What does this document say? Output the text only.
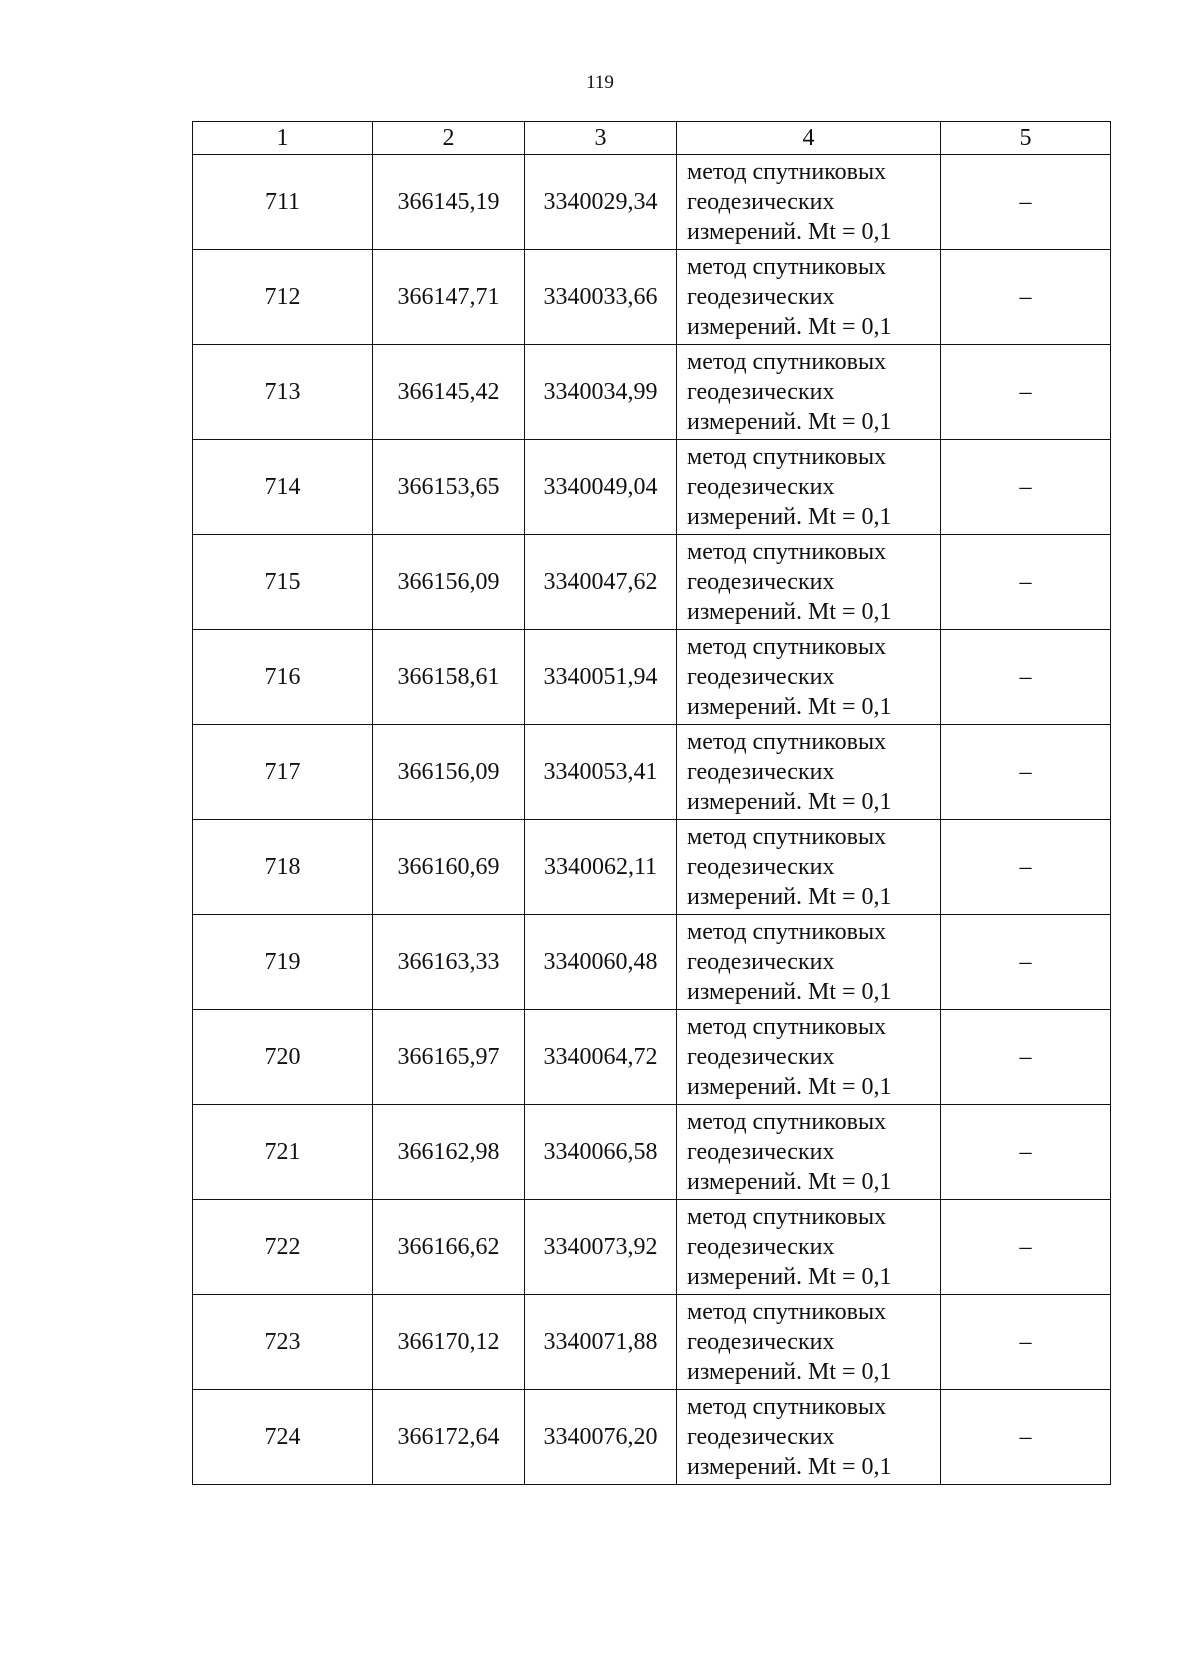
119
1	2	3	4	5
711	366145,19	3340029,34	метод спутниковых
геодезических
измерений. Mt = 0,1	–
712	366147,71	3340033,66	метод спутниковых
геодезических
измерений. Mt = 0,1	–
713	366145,42	3340034,99	метод спутниковых
геодезических
измерений. Mt = 0,1	–
714	366153,65	3340049,04	метод спутниковых
геодезических
измерений. Mt = 0,1	–
715	366156,09	3340047,62	метод спутниковых
геодезических
измерений. Mt = 0,1	–
716	366158,61	3340051,94	метод спутниковых
геодезических
измерений. Mt = 0,1	–
717	366156,09	3340053,41	метод спутниковых
геодезических
измерений. Mt = 0,1	–
718	366160,69	3340062,11	метод спутниковых
геодезических
измерений. Mt = 0,1	–
719	366163,33	3340060,48	метод спутниковых
геодезических
измерений. Mt = 0,1	–
720	366165,97	3340064,72	метод спутниковых
геодезических
измерений. Mt = 0,1	–
721	366162,98	3340066,58	метод спутниковых
геодезических
измерений. Mt = 0,1	–
722	366166,62	3340073,92	метод спутниковых
геодезических
измерений. Mt = 0,1	–
723	366170,12	3340071,88	метод спутниковых
геодезических
измерений. Mt = 0,1	–
724	366172,64	3340076,20	метод спутниковых
геодезических
измерений. Mt = 0,1	–
